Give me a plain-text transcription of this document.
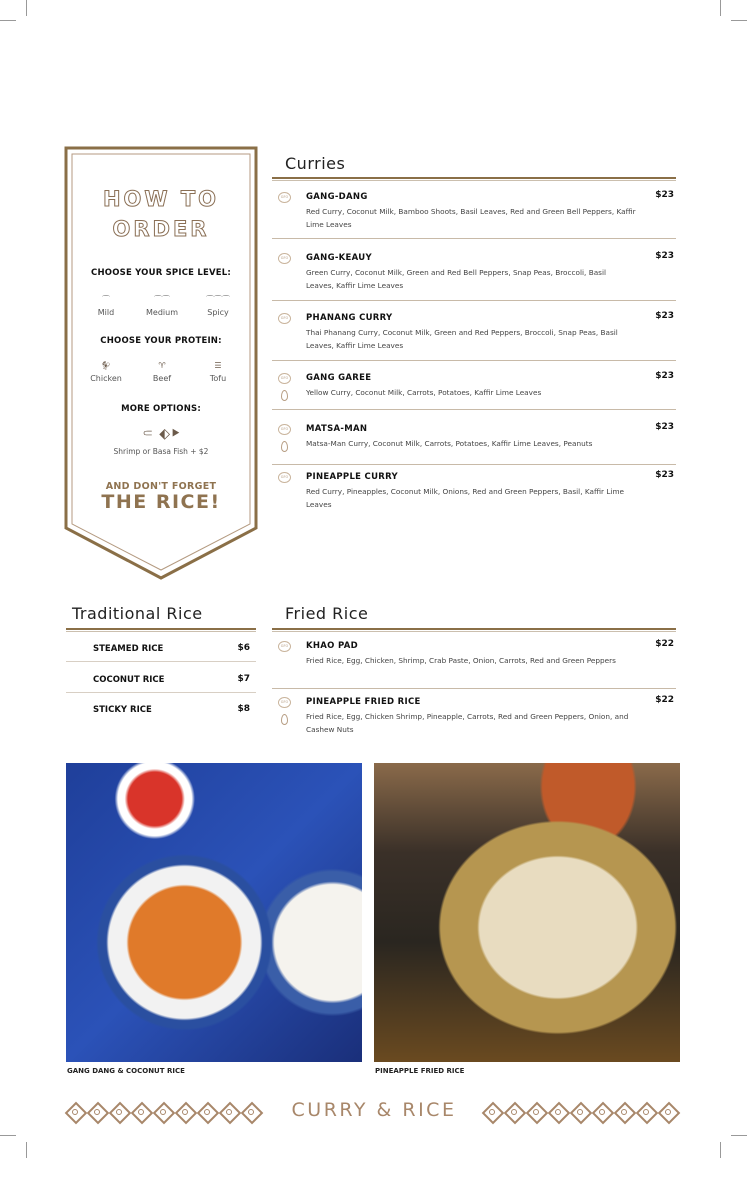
HOW TO
ORDER
CHOOSE YOUR SPICE LEVEL:
⌒
Mild
⌒⌒
Medium
⌒⌒⌒
Spicy
CHOOSE YOUR PROTEIN:
🐓︎
Chicken
♈︎
Beef
☰
Tofu
MORE OPTIONS:
⸦ ⬖⯈
Shrimp or Basa Fish + $2
AND DON'T FORGET
THE RICE!
Curries
GFO	GANG-DANG
Red Curry, Coconut Milk, Bamboo Shoots, Basil Leaves, Red and Green Bell Peppers, Kaffir Lime Leaves
$23
GFO	GANG-KEAUY
Green Curry, Coconut Milk, Green and Red Bell Peppers, Snap Peas, Broccoli, Basil Leaves, Kaffir Lime Leaves
$23
GFO	PHANANG CURRY
Thai Phanang Curry, Coconut Milk, Green and Red Peppers, Broccoli, Snap Peas, Basil Leaves, Kaffir Lime Leaves
$23
GFO	GANG GAREE
Yellow Curry, Coconut Milk, Carrots, Potatoes, Kaffir Lime Leaves
$23
GFO	MATSA-MAN
Matsa-Man Curry, Coconut Milk, Carrots, Potatoes, Kaffir Lime Leaves, Peanuts
$23
GFO	PINEAPPLE CURRY
Red Curry, Pineapples, Coconut Milk, Onions, Red and Green Peppers, Basil, Kaffir Lime Leaves
$23
Traditional Rice
STEAMED RICE	$6
COCONUT RICE	$7
STICKY RICE	$8
Fried Rice
GFO	KHAO PAD
Fried Rice, Egg, Chicken, Shrimp, Crab Paste, Onion, Carrots, Red and Green Peppers
$22
GFO	PINEAPPLE FRIED RICE
Fried Rice, Egg, Chicken Shrimp, Pineapple, Carrots, Red and Green Peppers, Onion, and Cashew Nuts
$22
GANG DANG & COCONUT RICE	PINEAPPLE FRIED RICE
CURRY & RICE
